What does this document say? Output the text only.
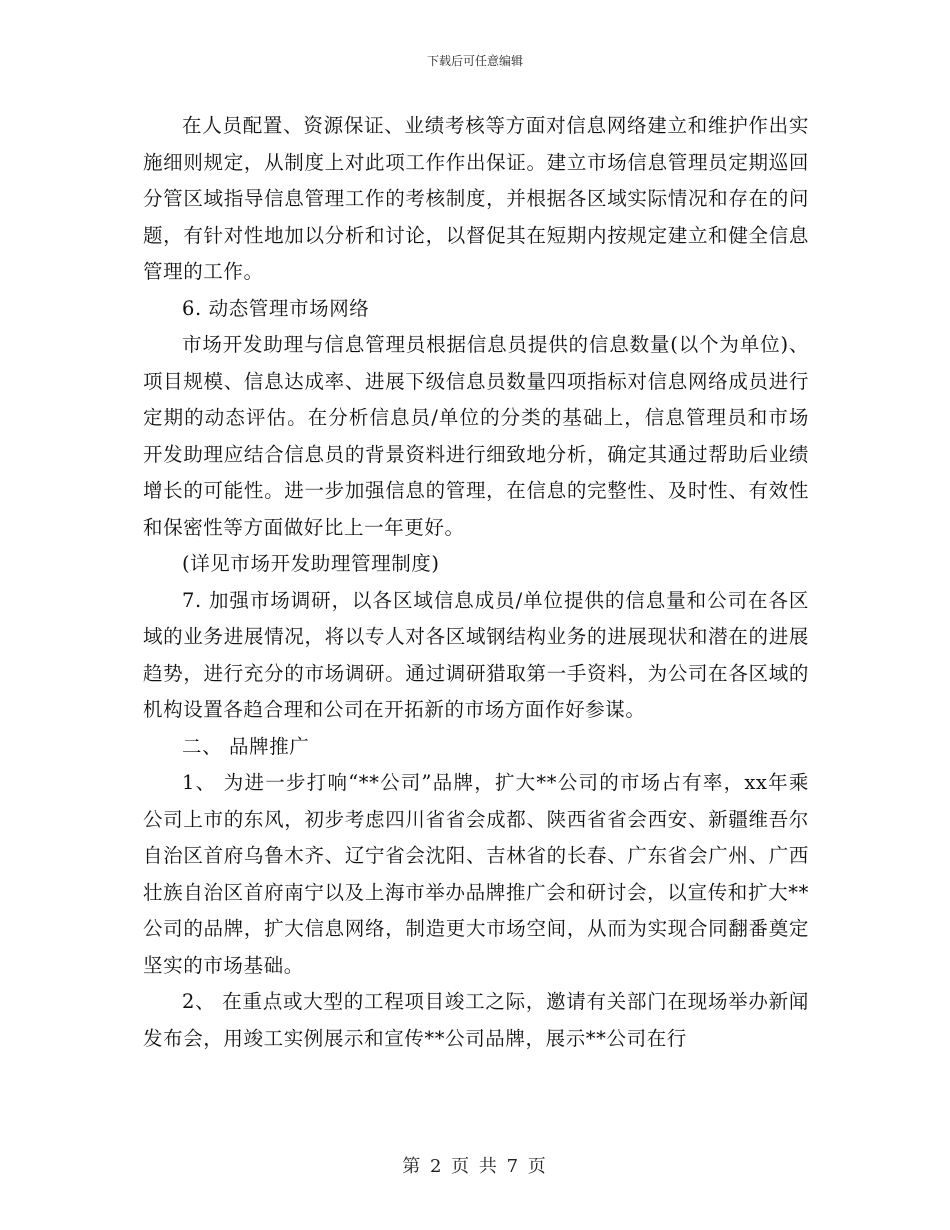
下载后可任意编辑

在人员配置、资源保证、业绩考核等方面对信息网络建立和维护作出实施细则规定，从制度上对此项工作作出保证。建立市场信息管理员定期巡回分管区域指导信息管理工作的考核制度，并根据各区域实际情况和存在的问题，有针对性地加以分析和讨论，以督促其在短期内按规定建立和健全信息管理的工作。

6. 动态管理市场网络

市场开发助理与信息管理员根据信息员提供的信息数量(以个为单位)、项目规模、信息达成率、进展下级信息员数量四项指标对信息网络成员进行定期的动态评估。在分析信息员/单位的分类的基础上，信息管理员和市场开发助理应结合信息员的背景资料进行细致地分析，确定其通过帮助后业绩增长的可能性。进一步加强信息的管理，在信息的完整性、及时性、有效性和保密性等方面做好比上一年更好。

(详见市场开发助理管理制度)

7. 加强市场调研，以各区域信息成员/单位提供的信息量和公司在各区域的业务进展情况，将以专人对各区域钢结构业务的进展现状和潜在的进展趋势，进行充分的市场调研。通过调研猎取第一手资料，为公司在各区域的机构设置各趋合理和公司在开拓新的市场方面作好参谋。

二、 品牌推广

1、 为进一步打响“**公司”品牌，扩大**公司的市场占有率，xx年乘公司上市的东风，初步考虑四川省省会成都、陕西省省会西安、新疆维吾尔自治区首府乌鲁木齐、辽宁省会沈阳、吉林省的长春、广东省会广州、广西壮族自治区首府南宁以及上海市举办品牌推广会和研讨会，以宣传和扩大**公司的品牌，扩大信息网络，制造更大市场空间，从而为实现合同翻番奠定坚实的市场基础。

2、 在重点或大型的工程项目竣工之际，邀请有关部门在现场举办新闻发布会，用竣工实例展示和宣传**公司品牌，展示**公司在行

第 2 页 共 7 页
